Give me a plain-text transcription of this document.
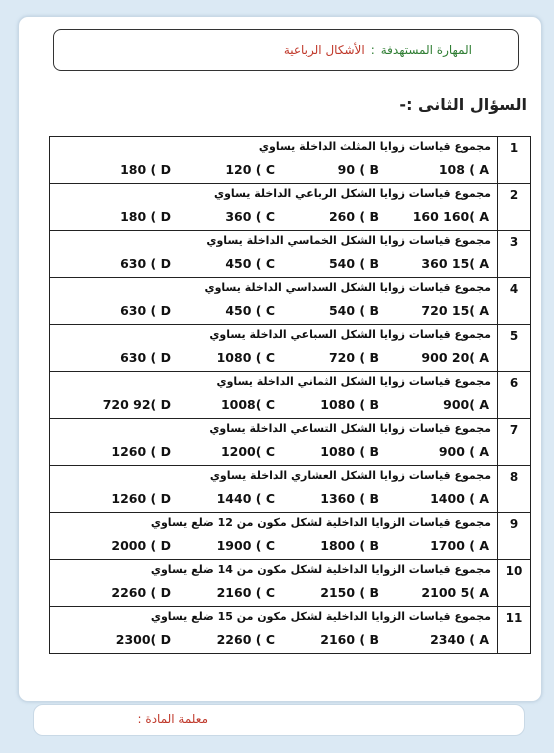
المهارة المستهدفة:الأشكال الرباعية
السؤال الثانى :-
1	مجموع قياسات زوايا المثلث الداخلة يساوي
108 ( A
90 ( B
120 ( C
180 ( D

2	مجموع قياسات زوايا الشكل الرباعي الداخلة يساوي
160 160( A
260 ( B
360 ( C
180 ( D

3	مجموع قياسات زوايا الشكل الخماسي الداخلة يساوي
360 15( A
540 ( B
450 ( C
630 ( D

4	مجموع قياسات زوايا الشكل السداسي الداخلة يساوي
720 15( A
540 ( B
450 ( C
630 ( D

5	مجموع قياسات زوايا الشكل السباعي الداخلة يساوي
900 20( A
720 ( B
1080 ( C
630 ( D

6	مجموع قياسات زوايا الشكل الثماني الداخلة يساوي
900( A
1080 ( B
1008( C
720 92( D

7	مجموع قياسات زوايا الشكل التساعي الداخلة يساوي
900 ( A
1080 ( B
1200( C
1260 ( D

8	مجموع قياسات زوايا الشكل العشاري الداخلة يساوي
1400 ( A
1360 ( B
1440 ( C
1260 ( D

9	مجموع قياسات الزوايا الداخلية لشكل مكون من 12 ضلع يساوي
1700 ( A
1800 ( B
1900 ( C
2000 ( D

10	مجموع قياسات الزوايا الداخلية لشكل مكون من 14 ضلع يساوي
2100 5( A
2150 ( B
2160 ( C
2260 ( D

11	مجموع قياسات الزوايا الداخلية لشكل مكون من 15 ضلع يساوي
2340 ( A
2160 ( B
2260 ( C
2300( D
معلمة المادة :
